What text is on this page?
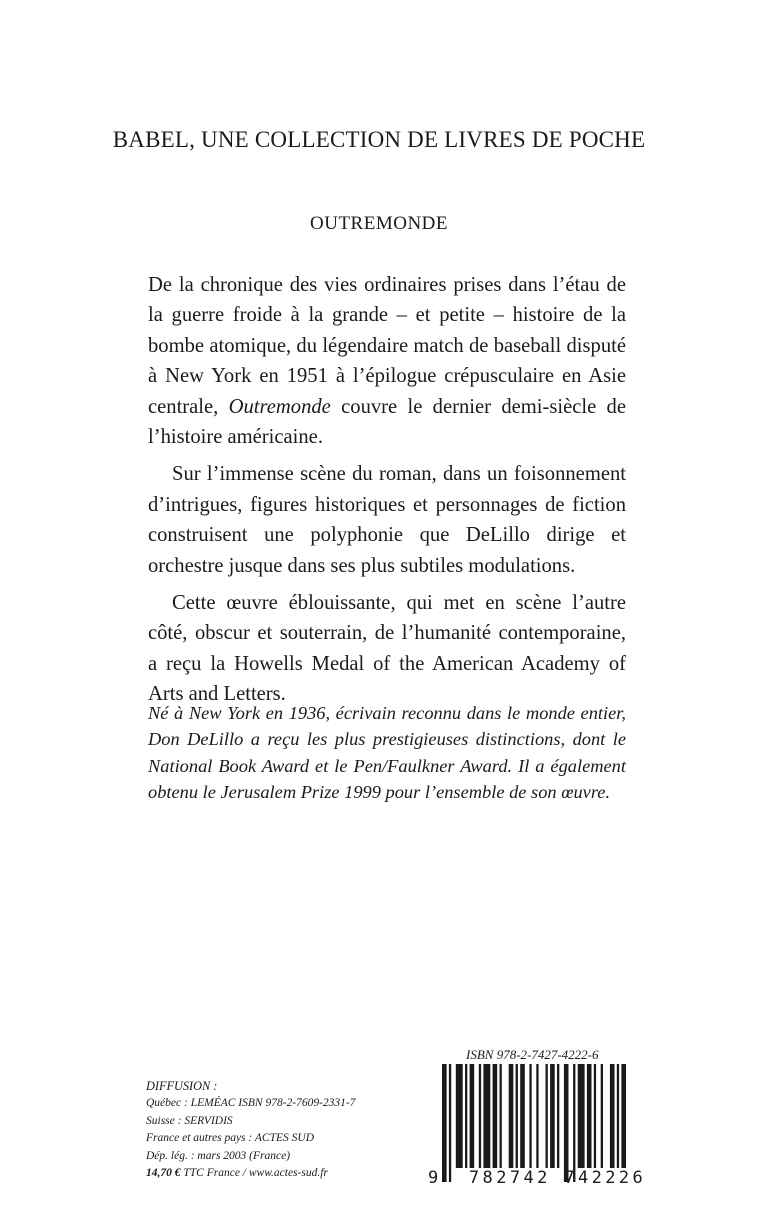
BABEL, UNE COLLECTION DE LIVRES DE POCHE
OUTREMONDE

De la chronique des vies ordinaires prises dans l’étau de la guerre froide à la grande – et petite – histoire de la bombe atomique, du légendaire match de baseball disputé à New York en 1951 à l’épilogue crépusculaire en Asie centrale, Outremonde couvre le dernier demi-siècle de l’histoire américaine.

Sur l’immense scène du roman, dans un foisonnement d’intrigues, figures historiques et personnages de fiction construisent une polyphonie que DeLillo dirige et orchestre jusque dans ses plus subtiles modulations.

Cette œuvre éblouissante, qui met en scène l’autre côté, obscur et souterrain, de l’humanité contemporaine, a reçu la Howells Medal of the American Academy of Arts and Letters.

Né à New York en 1936, écrivain reconnu dans le monde entier, Don DeLillo a reçu les plus prestigieuses distinctions, dont le National Book Award et le Pen/Faulkner Award. Il a également obtenu le Jerusalem Prize 1999 pour l’ensemble de son œuvre.
DIFFUSION :
Québec : LEMÉAC ISBN 978-2-7609-2331-7
Suisse : SERVIDIS
France et autres pays : ACTES SUD
Dép. lég. : mars 2003 (France)
14,70 € TTC France / www.actes-sud.fr
ISBN 978-2-7427-4222-6
9 782742 742226
